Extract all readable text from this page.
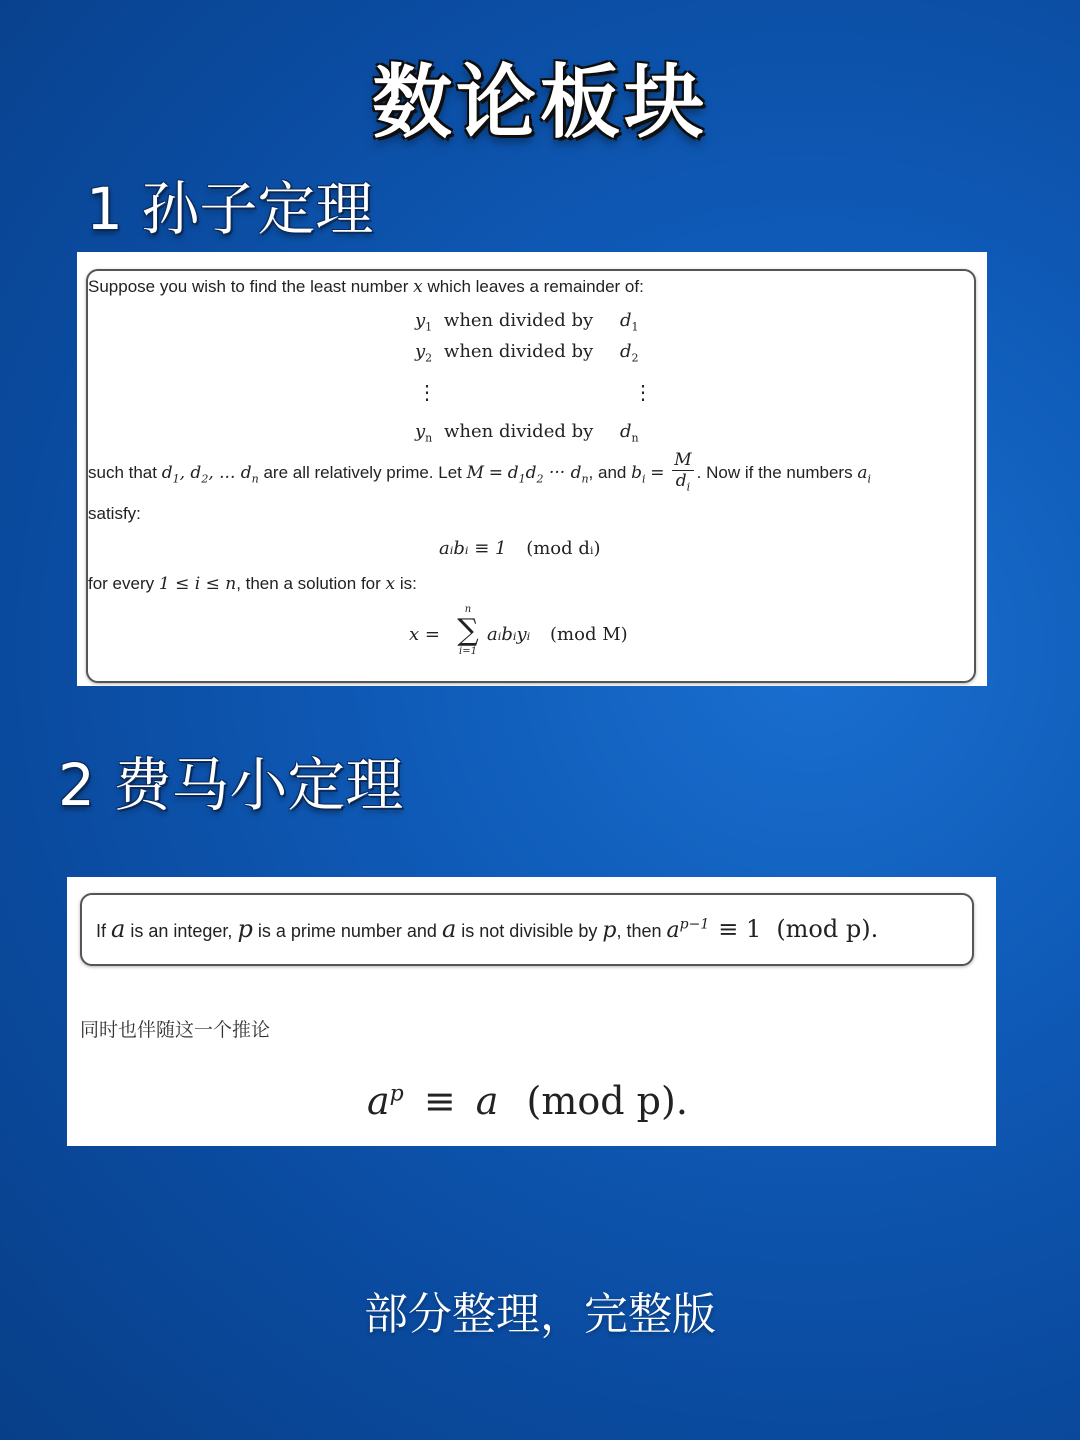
数论板块
1 孙子定理
Suppose you wish to find the least number x which leaves a remainder of:
$y_1$ when divided by $d_1$
$y_2$ when divided by $d_2$
⋮	⋮
$y_n$ when divided by $d_n$
such that $d_1$, $d_2$, ... $d_n$ are all relatively prime. Let $M = d_1d_2$ ··· $d_n$, and $b_i = \frac{M}{d_i}$ . Now if the numbers $a_i$
satisfy:
aᵢbᵢ ≡ 1 (mod dᵢ)
for every 1 ≤ i ≤ n, then a solution for x is:
x =
n
∑
i=1
aᵢbᵢyᵢ (mod M)
2 费马小定理
If a is an integer, p is a prime number and a is not divisible by p, then $a^{p-1} \equiv 1$ (mod p).
同时也伴随这一个推论
$a^p \equiv a$ (mod p).
部分整理，完整版
